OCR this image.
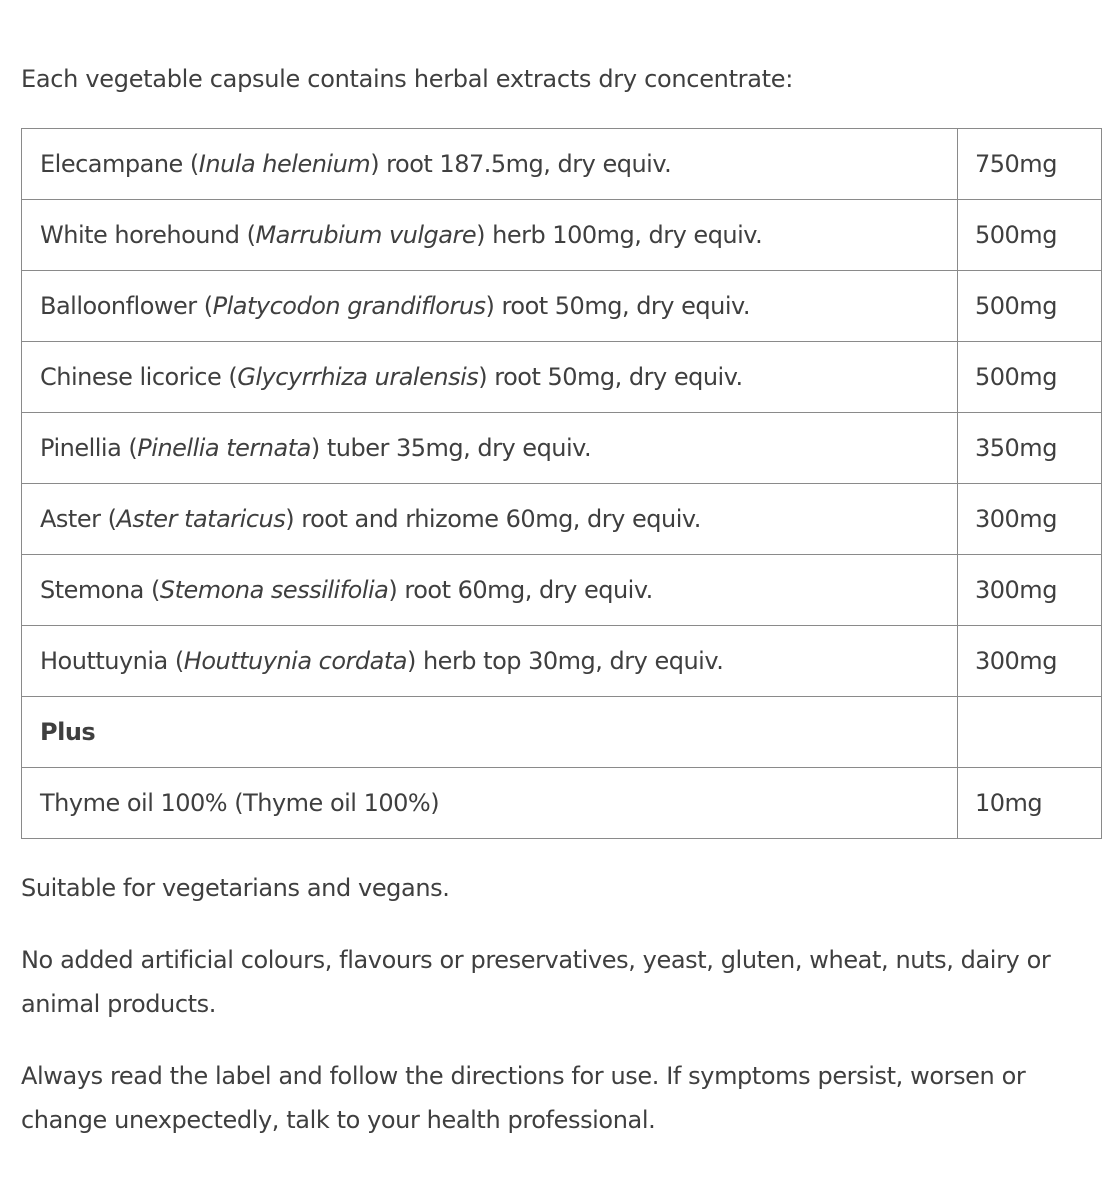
Each vegetable capsule contains herbal extracts dry concentrate:

Elecampane (Inula helenium) root 187.5mg, dry equiv.	750mg
White horehound (Marrubium vulgare) herb 100mg, dry equiv.	500mg
Balloonflower (Platycodon grandiflorus) root 50mg, dry equiv.	500mg
Chinese licorice (Glycyrrhiza uralensis) root 50mg, dry equiv.	500mg
Pinellia (Pinellia ternata) tuber 35mg, dry equiv.	350mg
Aster (Aster tataricus) root and rhizome 60mg, dry equiv.	300mg
Stemona (Stemona sessilifolia) root 60mg, dry equiv.	300mg
Houttuynia (Houttuynia cordata) herb top 30mg, dry equiv.	300mg
Plus	
Thyme oil 100% (Thyme oil 100%)	10mg

Suitable for vegetarians and vegans.

No added artificial colours, flavours or preservatives, yeast, gluten, wheat, nuts, dairy or animal products.

Always read the label and follow the directions for use. If symptoms persist, worsen or change unexpectedly, talk to your health professional.
